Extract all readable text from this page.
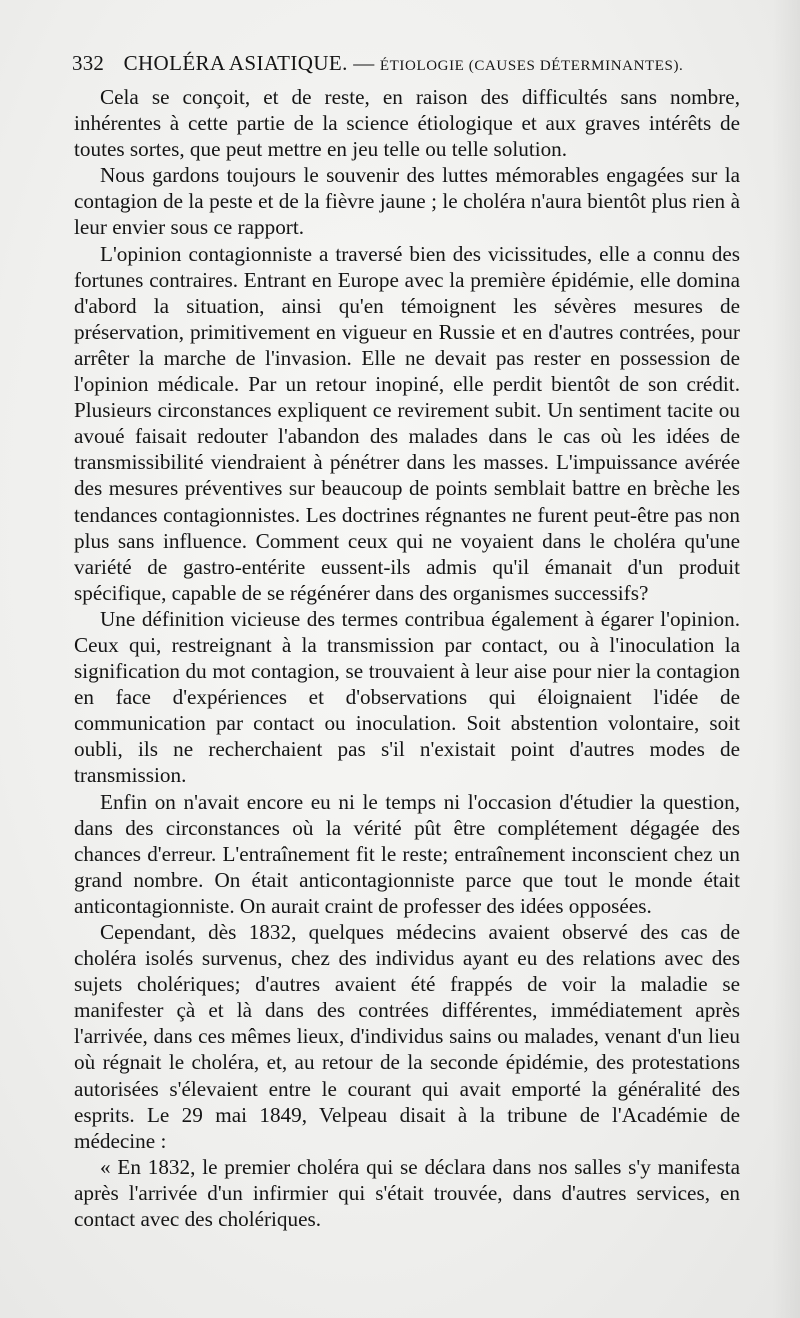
332 CHOLÉRA ASIATIQUE. — ÉTIOLOGIE (CAUSES DÉTERMINANTES).

Cela se conçoit, et de reste, en raison des difficultés sans nombre, inhérentes à cette partie de la science étiologique et aux graves intérêts de toutes sortes, que peut mettre en jeu telle ou telle solution.

Nous gardons toujours le souvenir des luttes mémorables engagées sur la contagion de la peste et de la fièvre jaune ; le choléra n'aura bientôt plus rien à leur envier sous ce rapport.

L'opinion contagionniste a traversé bien des vicissitudes, elle a connu des fortunes contraires. Entrant en Europe avec la première épidémie, elle domina d'abord la situation, ainsi qu'en témoignent les sévères mesures de préservation, primitivement en vigueur en Russie et en d'autres contrées, pour arrêter la marche de l'invasion. Elle ne devait pas rester en possession de l'opinion médicale. Par un retour inopiné, elle perdit bientôt de son crédit. Plusieurs circonstances expliquent ce revirement subit. Un sentiment tacite ou avoué faisait redouter l'abandon des malades dans le cas où les idées de transmissibilité viendraient à pénétrer dans les masses. L'impuissance avérée des mesures préventives sur beaucoup de points semblait battre en brèche les tendances contagionnistes. Les doctrines régnantes ne furent peut-être pas non plus sans influence. Comment ceux qui ne voyaient dans le choléra qu'une variété de gastro-entérite eussent-ils admis qu'il émanait d'un produit spécifique, capable de se régénérer dans des organismes successifs?

Une définition vicieuse des termes contribua également à égarer l'opinion. Ceux qui, restreignant à la transmission par contact, ou à l'inoculation la signification du mot contagion, se trouvaient à leur aise pour nier la contagion en face d'expériences et d'observations qui éloignaient l'idée de communication par contact ou inoculation. Soit abstention volontaire, soit oubli, ils ne recherchaient pas s'il n'existait point d'autres modes de transmission.

Enfin on n'avait encore eu ni le temps ni l'occasion d'étudier la question, dans des circonstances où la vérité pût être complétement dégagée des chances d'erreur. L'entraînement fit le reste; entraînement inconscient chez un grand nombre. On était anticontagionniste parce que tout le monde était anticontagionniste. On aurait craint de professer des idées opposées.

Cependant, dès 1832, quelques médecins avaient observé des cas de choléra isolés survenus, chez des individus ayant eu des relations avec des sujets cholériques; d'autres avaient été frappés de voir la maladie se manifester çà et là dans des contrées différentes, immédiatement après l'arrivée, dans ces mêmes lieux, d'individus sains ou malades, venant d'un lieu où régnait le choléra, et, au retour de la seconde épidémie, des protestations autorisées s'élevaient entre le courant qui avait emporté la généralité des esprits. Le 29 mai 1849, Velpeau disait à la tribune de l'Académie de médecine :

« En 1832, le premier choléra qui se déclara dans nos salles s'y manifesta après l'arrivée d'un infirmier qui s'était trouvée, dans d'autres services, en contact avec des cholériques.
